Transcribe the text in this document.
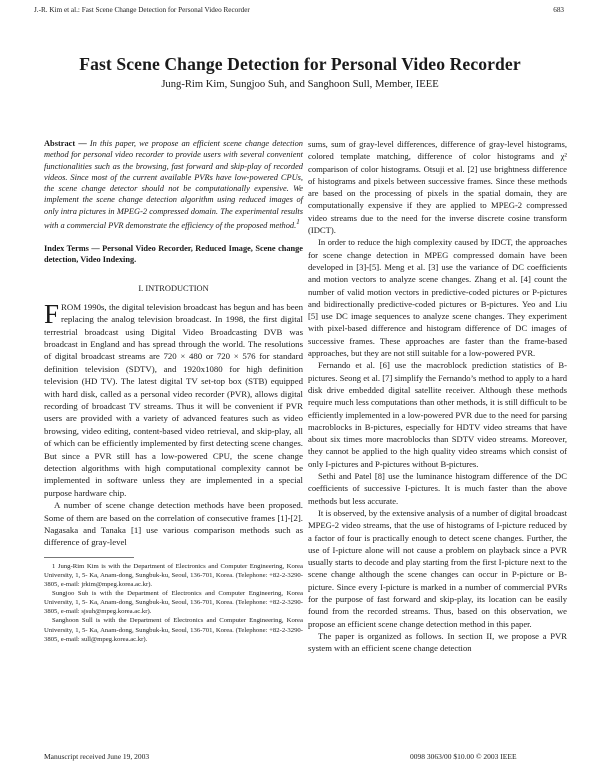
J.-R. Kim et al.: Fast Scene Change Detection for Personal Video Recorder	683
Fast Scene Change Detection for Personal Video Recorder
Jung-Rim Kim, Sungjoo Suh, and Sanghoon Sull, Member, IEEE

Abstract — In this paper, we propose an efficient scene change detection method for personal video recorder to provide users with several convenient functionalities such as the browsing, fast forward and skip-play of recorded videos. Since most of the current available PVRs have low-powered CPUs, the scene change detector should not be computationally expensive. We implement the scene change detection algorithm using reduced images of only intra pictures in MPEG-2 compressed domain. The experimental results with a commercial PVR demonstrate the efficiency of the proposed method.$^1$

Index Terms — Personal Video Recorder, Reduced Image, Scene change detection, Video Indexing.

I. INTRODUCTION

FROM 1990s, the digital television broadcast has begun and has been replacing the analog television broadcast. In 1998, the first digital terrestrial broadcast using Digital Video Broadcasting DVB was broadcast in England and has spread through the world. The resolutions of digital broadcast streams are 720 × 480 or 720 × 576 for standard definition television (SDTV), and 1920x1080 for high definition television (HD TV). The latest digital TV set-top box (STB) equipped with hard disk, called as a personal video recorder (PVR), allows digital recording of broadcast TV streams. Thus it will be convenient if PVR users are provided with a variety of advanced features such as video browsing, video editing, content-based video retrieval, and skip-play, all of which can be efficiently implemented by first detecting scene changes. But since a PVR still has a low-powered CPU, the scene change detection algorithms with high computational complexity cannot be implemented in software unless they are implemented in a special purpose hardware chip.

A number of scene change detection methods have been proposed. Some of them are based on the correlation of consecutive frames [1]-[2]. Nagasaka and Tanaka [1] use various comparison methods such as difference of gray-level

1 Jung-Rim Kim is with the Department of Electronics and Computer Engineering, Korea University, 1, 5- Ka, Anam-dong, Sungbuk-ku, Seoul, 136-701, Korea. (Telephone: +82-2-3290-3805, e-mail: jrkim@mpeg.korea.ac.kr).

Sungjoo Suh is with the Department of Electronics and Computer Engineering, Korea University, 1, 5- Ka, Anam-dong, Sungbuk-ku, Seoul, 136-701, Korea. (Telephone: +82-2-3290-3805, e-mail: sjsuh@mpeg.korea.ac.kr).

Sanghoon Sull is with the Department of Electronics and Computer Engineering, Korea University, 1, 5- Ka, Anam-dong, Sungbuk-ku, Seoul, 136-701, Korea. (Telephone: +82-2-3290-3805, e-mail: sull@mpeg.korea.ac.kr).

sums, sum of gray-level differences, difference of gray-level histograms, colored template matching, difference of color histograms and χ² comparison of color histograms. Otsuji et al. [2] use brightness difference of histograms and pixels between successive frames. Since these methods are based on the processing of pixels in the spatial domain, they are computationally expensive if they are applied to MPEG-2 compressed video streams due to the need for the inverse discrete cosine transform (IDCT).

In order to reduce the high complexity caused by IDCT, the approaches for scene change detection in MPEG compressed domain have been developed in [3]-[5]. Meng et al. [3] use the variance of DC coefficients and motion vectors to analyze scene changes. Zhang et al. [4] count the number of valid motion vectors in predictive-coded pictures or P-pictures and bidirectionally predictive-coded pictures or B-pictures. Yeo and Liu [5] use DC image sequences to analyze scene changes. They experiment with pixel-based difference and histogram difference of DC images of successive frames. These approaches are faster than the frame-based approaches, but they are not still suitable for a low-powered PVR.

Fernando et al. [6] use the macroblock prediction statistics of B-pictures. Seong et al. [7] simplify the Fernando’s method to apply to a hard disk drive embedded digital satellite receiver. Although these methods require much less computations than other methods, it is still difficult to be efficiently implemented in a low-powered PVR due to the need for parsing macroblocks in B-pictures, especially for HDTV video streams that have about six times more macroblocks than SDTV video streams. Moreover, they cannot be applied to the high quality video streams which consist of only I-pictures and P-pictures without B-pictures.

Sethi and Patel [8] use the luminance histogram difference of the DC coefficients of successive I-pictures. It is much faster than the above methods but less accurate.

It is observed, by the extensive analysis of a number of digital broadcast MPEG-2 video streams, that the use of histograms of I-picture reduced by a factor of four is practically enough to detect scene changes. Further, the use of I-picture alone will not cause a problem on playback since a PVR usually starts to decode and play starting from the first I-picture next to the scene change although the scene changes can occur in P-picture or B-picture. Since every I-picture is marked in a number of commercial PVRs for the purpose of fast forward and skip-play, its location can be easily found from the recorded streams. Thus, based on this observation, we propose an efficient scene change detection method in this paper.

The paper is organized as follows. In section II, we propose a PVR system with an efficient scene change detection

Manuscript received June 19, 2003	0098 3063/00 $10.00 © 2003 IEEE
